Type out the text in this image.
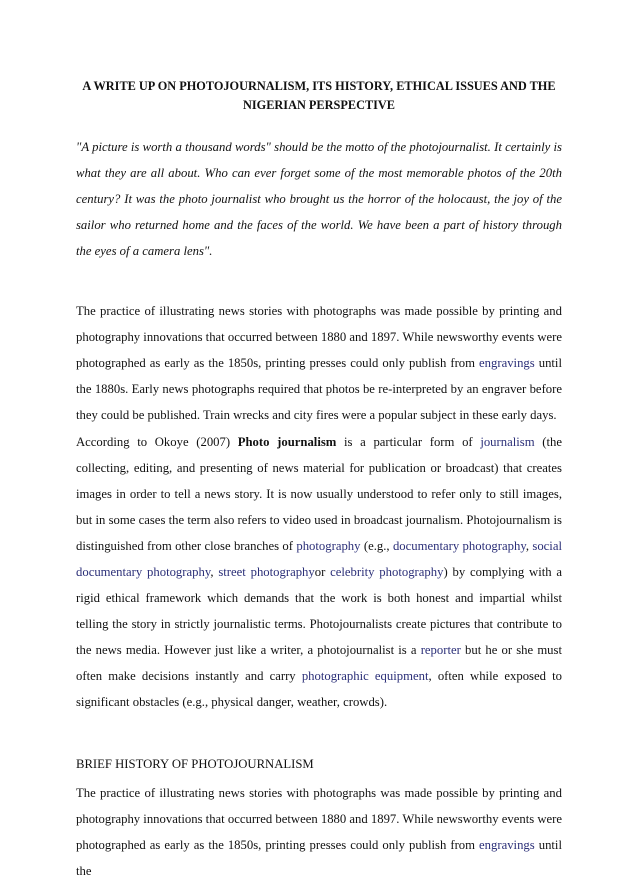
A WRITE UP ON PHOTOJOURNALISM, ITS HISTORY, ETHICAL ISSUES AND THE
NIGERIAN PERSPECTIVE

"A picture is worth a thousand words" should be the motto of the photojournalist. It certainly is what they are all about. Who can ever forget some of the most memorable photos of the 20th century? It was the photo journalist who brought us the horror of the holocaust, the joy of the sailor who returned home and the faces of the world. We have been a part of history through the eyes of a camera lens".

The practice of illustrating news stories with photographs was made possible by printing and photography innovations that occurred between 1880 and 1897. While newsworthy events were photographed as early as the 1850s, printing presses could only publish from engravings until the 1880s. Early news photographs required that photos be re-interpreted by an engraver before they could be published. Train wrecks and city fires were a popular subject in these early days.

According to Okoye (2007) Photo journalism is a particular form of journalism (the collecting, editing, and presenting of news material for publication or broadcast) that creates images in order to tell a news story. It is now usually understood to refer only to still images, but in some cases the term also refers to video used in broadcast journalism. Photojournalism is distinguished from other close branches of photography (e.g., documentary photography, social documentary photography, street photographyor celebrity photography) by complying with a rigid ethical framework which demands that the work is both honest and impartial whilst telling the story in strictly journalistic terms. Photojournalists create pictures that contribute to the news media. However just like a writer, a photojournalist is a reporter but he or she must often make decisions instantly and carry photographic equipment, often while exposed to significant obstacles (e.g., physical danger, weather, crowds).

BRIEF HISTORY OF PHOTOJOURNALISM

The practice of illustrating news stories with photographs was made possible by printing and photography innovations that occurred between 1880 and 1897. While newsworthy events were photographed as early as the 1850s, printing presses could only publish from engravings until the
